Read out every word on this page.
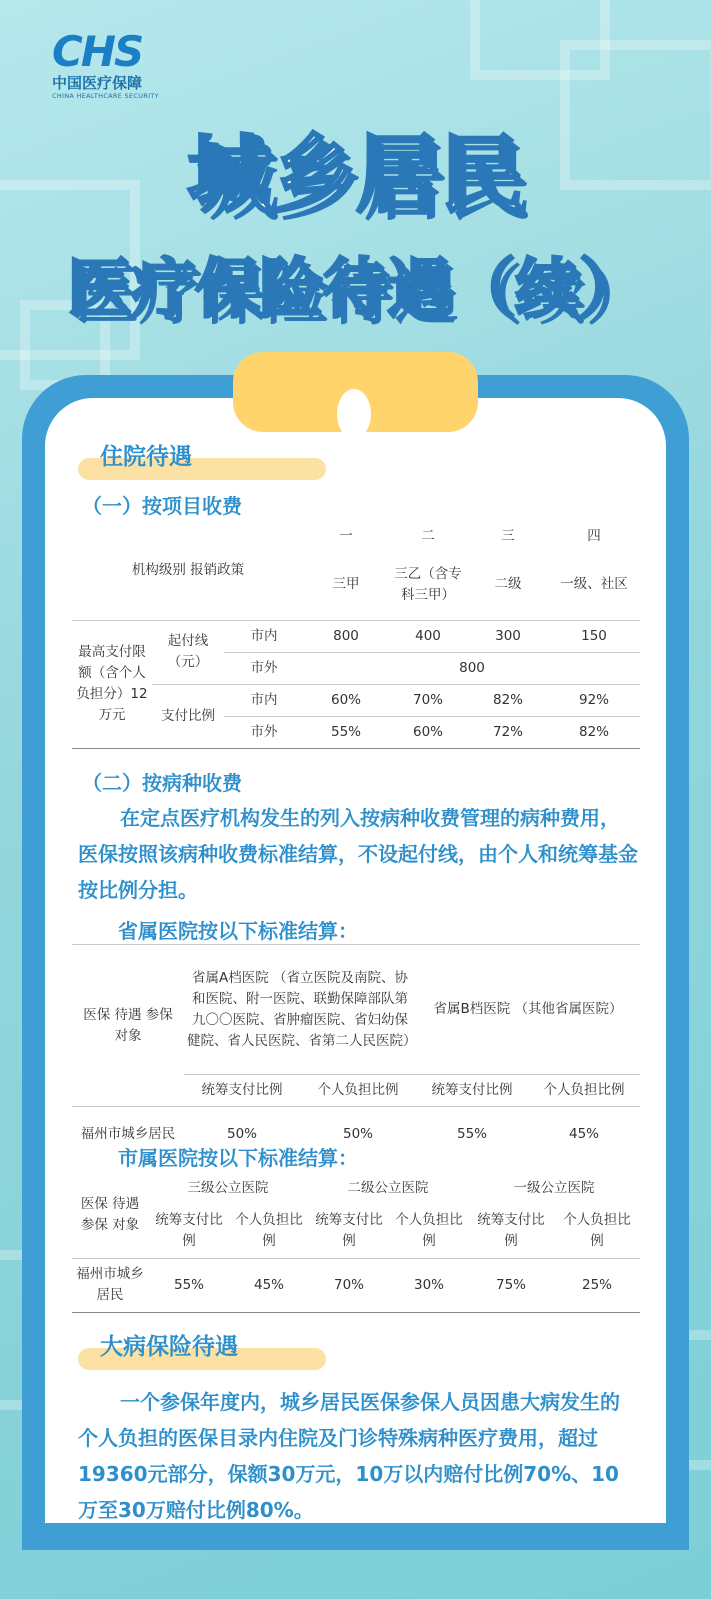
CHS
中国医疗保障
CHINA HEALTHCARE SECURITY
城乡居民
医疗保险待遇（续）
住院待遇
（一）按项目收费
机构级别 报销政策			一	二	三	四
			三甲	三乙（含专科三甲）	二级	一级、社区
最高支付限额（含个人负担分）12万元	起付线（元）	市内	800	400	300	150
		市外	800			
	支付比例	市内	60%	70%	82%	92%
		市外	55%	60%	72%	82%
（二）按病种收费
在定点医疗机构发生的列入按病种收费管理的病种费用，医保按照该病种收费标准结算，不设起付线，由个人和统筹基金按比例分担。
省属医院按以下标准结算：
医保 待遇 参保 对象	省属A档医院 （省立医院及南院、协和医院、附一医院、联勤保障部队第九〇〇医院、省肿瘤医院、省妇幼保健院、省人民医院、省第二人民医院）		省属B档医院 （其他省属医院）	
	统筹支付比例	个人负担比例	统筹支付比例	个人负担比例
福州市城乡居民	50%	50%	55%	45%
市属医院按以下标准结算：
医保 待遇 参保 对象	三级公立医院		二级公立医院		一级公立医院	
	统筹支付比例	个人负担比例	统筹支付比例	个人负担比例	统筹支付比例	个人负担比例
福州市城乡居民	55%	45%	70%	30%	75%	25%
大病保险待遇
一个参保年度内，城乡居民医保参保人员因患大病发生的个人负担的医保目录内住院及门诊特殊病种医疗费用，超过19360元部分，保额30万元，10万以内赔付比例70%、10万至30万赔付比例80%。
